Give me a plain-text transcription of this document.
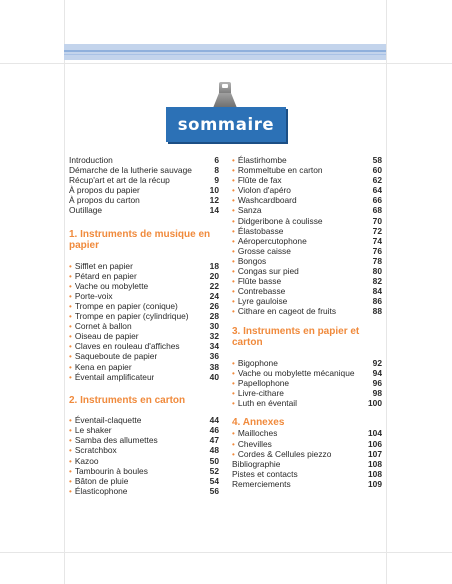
sommaire
Introduction	6
Démarche de la lutherie sauvage	8
Récup'art et art de la récup	9
À propos du papier	10
À propos du carton	12
Outillage	14
1. Instruments de musique en papier
• Sifflet en papier	18
• Pétard en papier	20
• Vache ou mobylette	22
• Porte-voix	24
• Trompe en papier (conique)	26
• Trompe en papier (cylindrique)	28
• Cornet à ballon	30
• Oiseau de papier	32
• Claves en rouleau d'affiches	34
• Saqueboute de papier	36
• Kena en papier	38
• Éventail amplificateur	40
2. Instruments en carton
• Éventail-claquette	44
• Le shaker	46
• Samba des allumettes	47
• Scratchbox	48
• Kazoo	50
• Tambourin à boules	52
• Bâton de pluie	54
• Élasticophone	56
• Élastirhombe	58
• Rommeltube en carton	60
• Flûte de fax	62
• Violon d'apéro	64
• Washcardboard	66
• Sanza	68
• Didgeribone à coulisse	70
• Élastobasse	72
• Aéropercutophone	74
• Grosse caisse	76
• Bongos	78
• Congas sur pied	80
• Flûte basse	82
• Contrebasse	84
• Lyre gauloise	86
• Cithare en cageot de fruits	88
3. Instruments en papier et carton
• Bigophone	92
• Vache ou mobylette mécanique	94
• Papellophone	96
• Livre-cithare	98
• Luth en éventail	100
4. Annexes
• Mailloches	104
• Chevilles	106
• Cordes & Cellules piezzo	107
Bibliographie	108
Pistes et contacts	108
Remerciements	109
